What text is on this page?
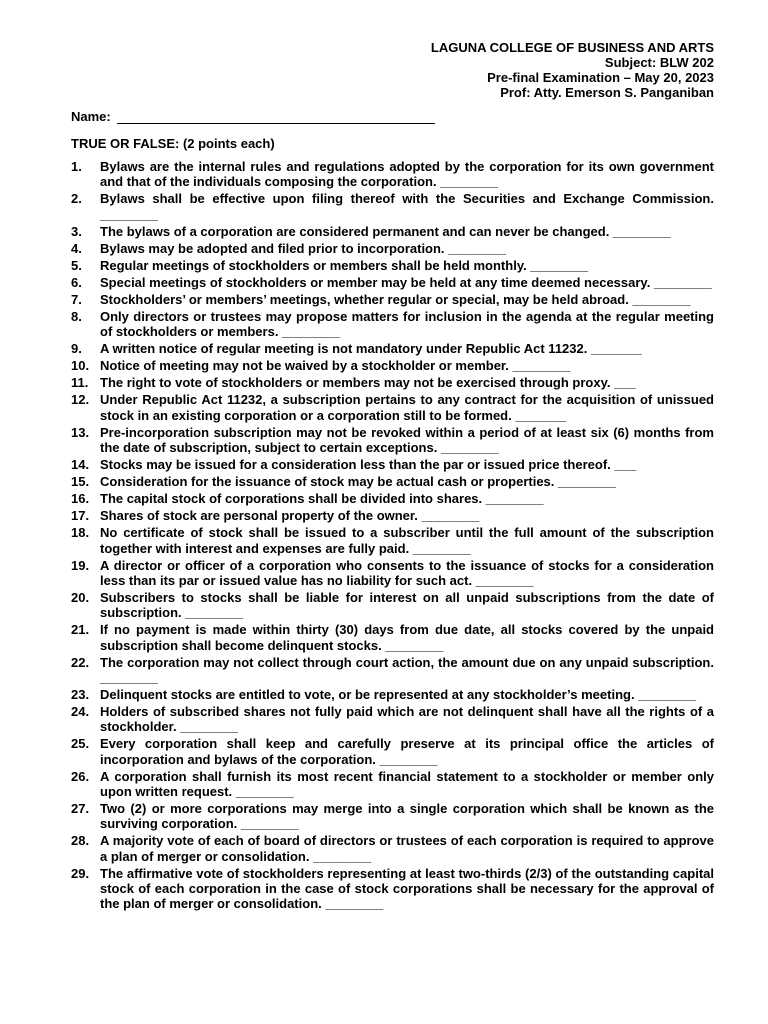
LAGUNA COLLEGE OF BUSINESS AND ARTS
Subject: BLW 202
Pre-final Examination – May 20, 2023
Prof: Atty. Emerson S. Panganiban
Name:
TRUE OR FALSE: (2 points each)
1.	Bylaws are the internal rules and regulations adopted by the corporation for its own government and that of the individuals composing the corporation. ________
2.	Bylaws shall be effective upon filing thereof with the Securities and Exchange Commission. ________
3.	The bylaws of a corporation are considered permanent and can never be changed. ________
4.	Bylaws may be adopted and filed prior to incorporation. ________
5.	Regular meetings of stockholders or members shall be held monthly. ________
6.	Special meetings of stockholders or member may be held at any time deemed necessary. ________
7.	Stockholders’ or members’ meetings, whether regular or special, may be held abroad. ________
8.	Only directors or trustees may propose matters for inclusion in the agenda at the regular meeting of stockholders or members. ________
9.	A written notice of regular meeting is not mandatory under Republic Act 11232. _______
10. Notice of meeting may not be waived by a stockholder or member. ________
11. The right to vote of stockholders or members may not be exercised through proxy. ___
12. Under Republic Act 11232, a subscription pertains to any contract for the acquisition of unissued stock in an existing corporation or a corporation still to be formed. _______
13. Pre-incorporation subscription may not be revoked within a period of at least six (6) months from the date of subscription, subject to certain exceptions. ________
14. Stocks may be issued for a consideration less than the par or issued price thereof. ___
15. Consideration for the issuance of stock may be actual cash or properties. ________
16. The capital stock of corporations shall be divided into shares. ________
17. Shares of stock are personal property of the owner. ________
18. No certificate of stock shall be issued to a subscriber until the full amount of the subscription together with interest and expenses are fully paid. ________
19. A director or officer of a corporation who consents to the issuance of stocks for a consideration less than its par or issued value has no liability for such act. ________
20. Subscribers to stocks shall be liable for interest on all unpaid subscriptions from the date of subscription. ________
21. If no payment is made within thirty (30) days from due date, all stocks covered by the unpaid subscription shall become delinquent stocks. ________
22. The corporation may not collect through court action, the amount due on any unpaid subscription. ________
23. Delinquent stocks are entitled to vote, or be represented at any stockholder’s meeting. ________
24. Holders of subscribed shares not fully paid which are not delinquent shall have all the rights of a stockholder. ________
25. Every corporation shall keep and carefully preserve at its principal office the articles of incorporation and bylaws of the corporation. ________
26. A corporation shall furnish its most recent financial statement to a stockholder or member only upon written request. ________
27. Two (2) or more corporations may merge into a single corporation which shall be known as the surviving corporation. ________
28. A majority vote of each of board of directors or trustees of each corporation is required to approve a plan of merger or consolidation. ________
29. The affirmative vote of stockholders representing at least two-thirds (2/3) of the outstanding capital stock of each corporation in the case of stock corporations shall be necessary for the approval of the plan of merger or consolidation. ________
